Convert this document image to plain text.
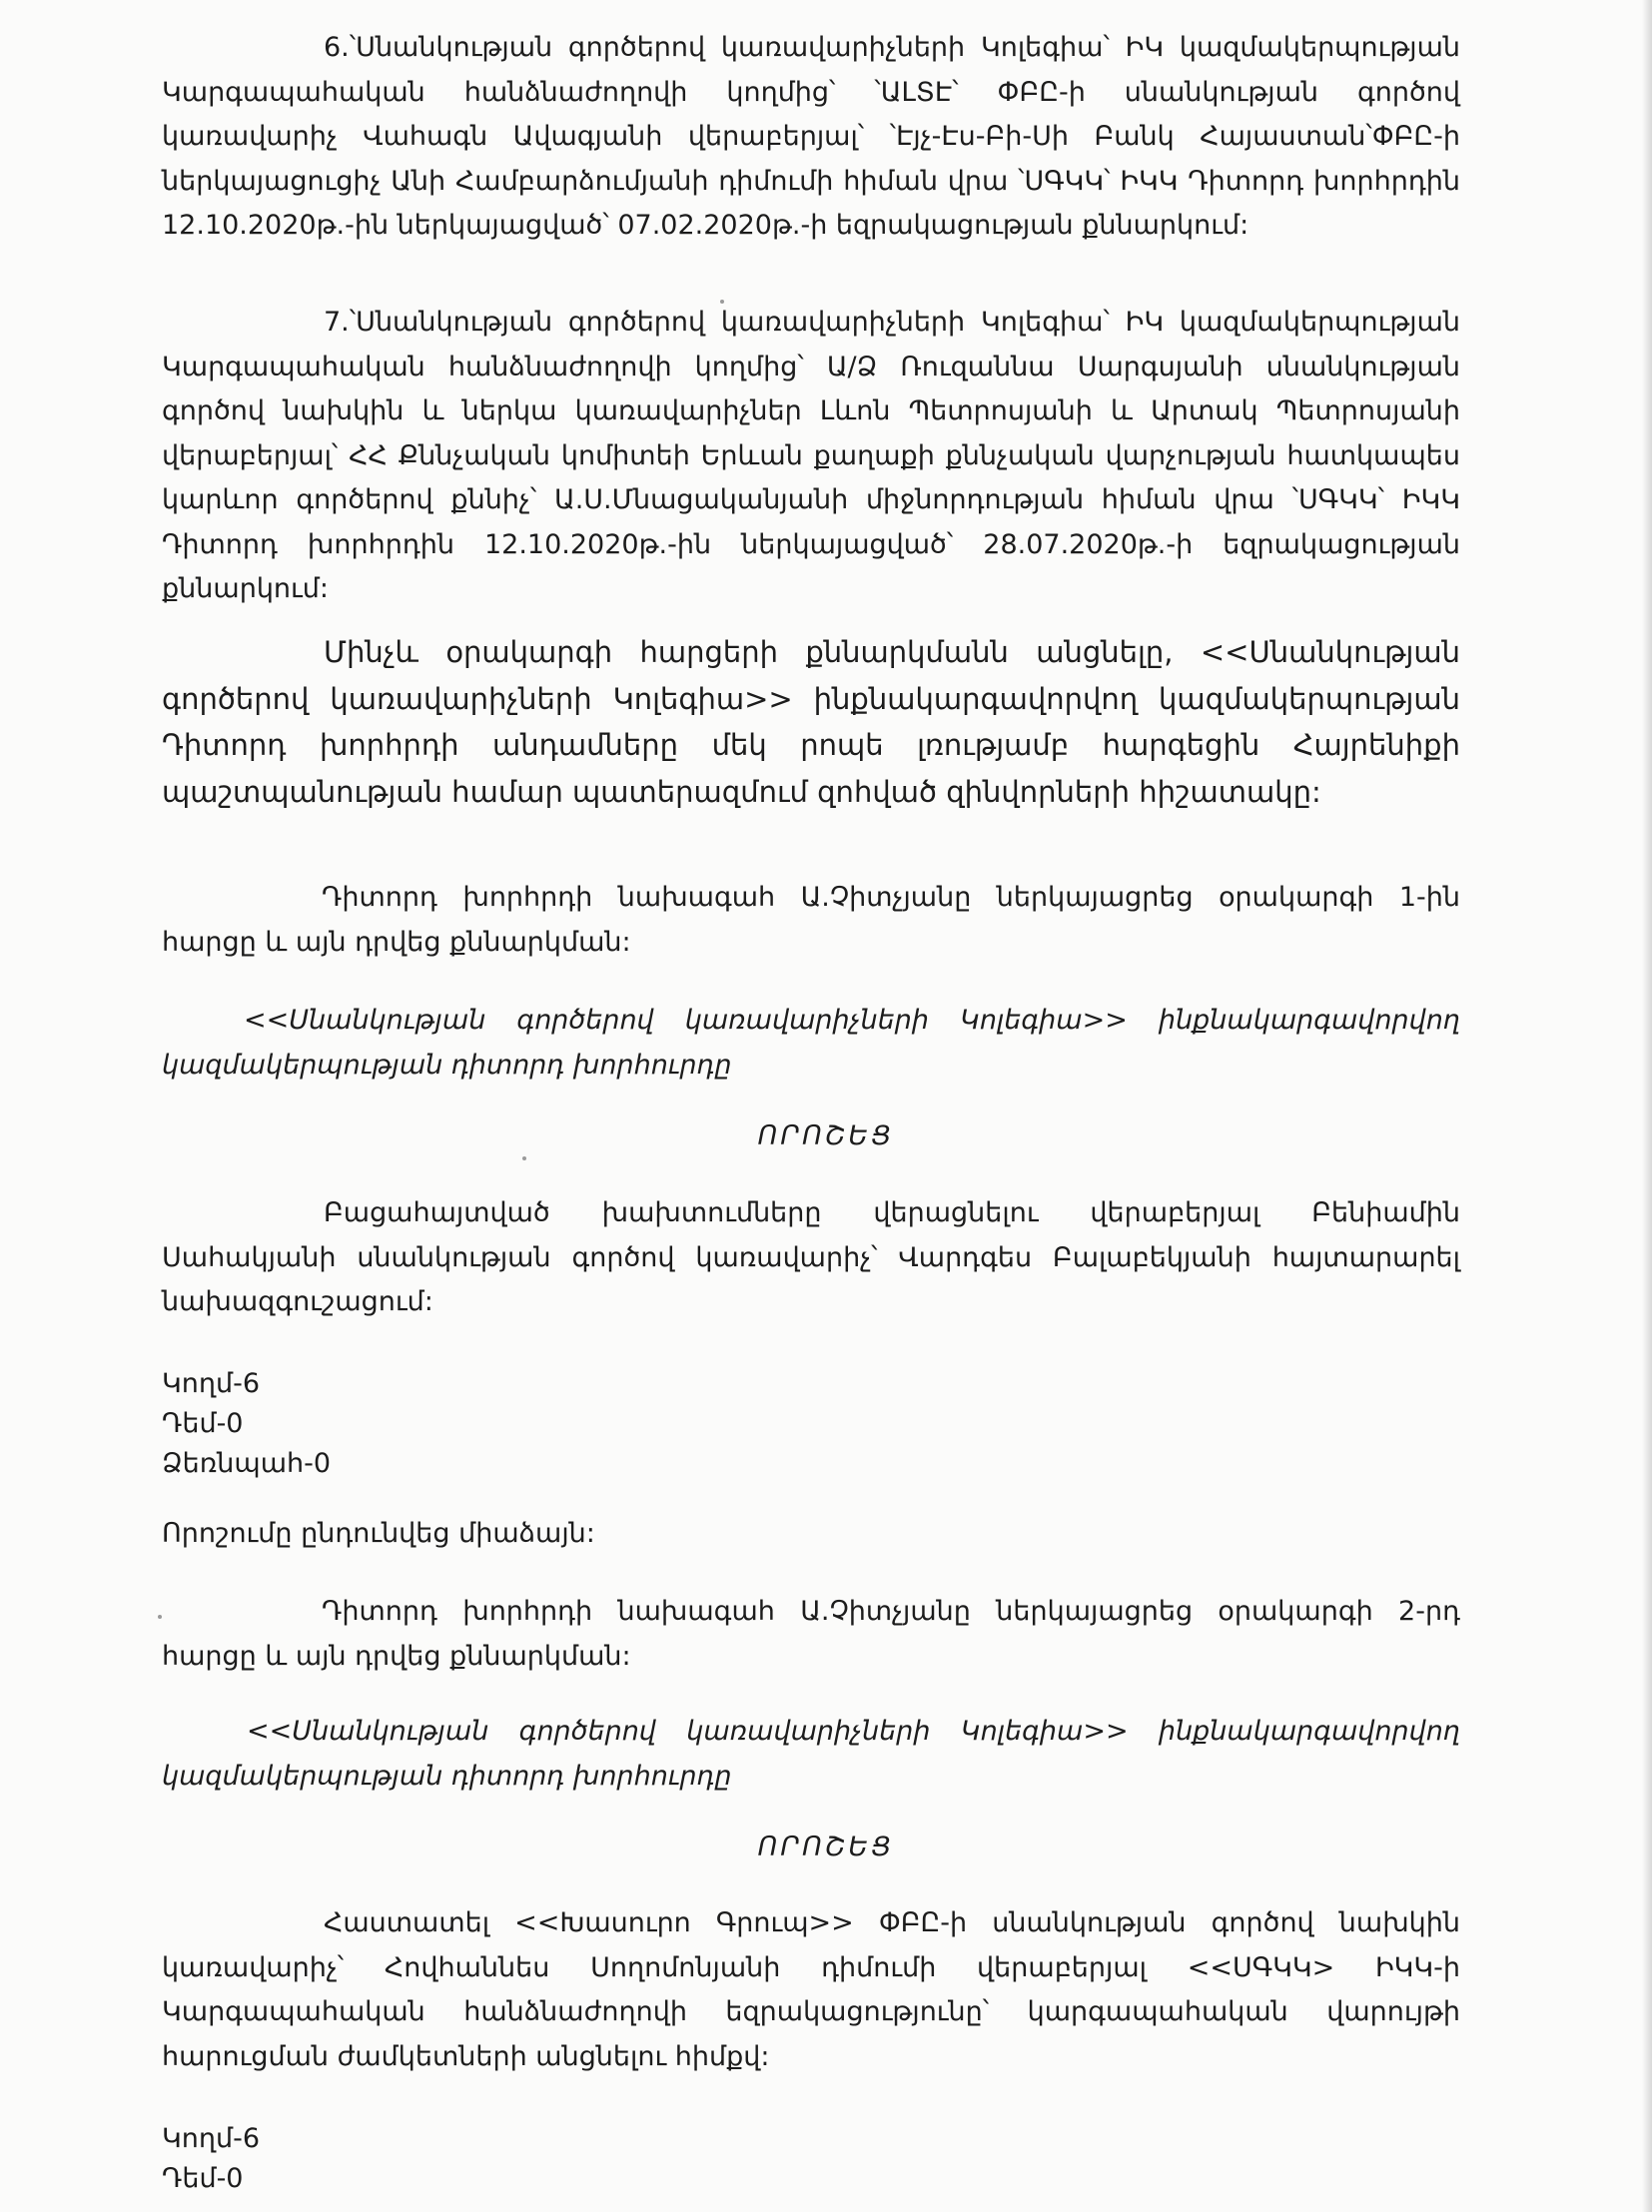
6.՝Սնանկության գործերով կառավարիչների Կոլեգիա՝ ԻԿ կազմակերպության Կարգապահական հանձնաժողովի կողմից՝ ՝ԱԼՏԷ՝ ՓԲԸ-ի սնանկության գործով կառավարիչ Վահագն Ավագյանի վերաբերյալ՝ ՝Էյչ-Էս-Բի-Սի Բանկ Հայաստան՝ՓԲԸ-ի ներկայացուցիչ Անի Համբարձումյանի դիմումի հիման վրա ՝ՍԳԿԿ՝ ԻԿԿ Դիտորդ խորհրդին 12.10.2020թ.-ին ներկայացված՝ 07.02.2020թ.-ի եզրակացության քննարկում:

7.՝Սնանկության գործերով կառավարիչների Կոլեգիա՝ ԻԿ կազմակերպության Կարգապահական հանձնաժողովի կողմից՝ Ա/Ձ Ռուզաննա Սարգսյանի սնանկության գործով նախկին և ներկա կառավարիչներ Լևոն Պետրոսյանի և Արտակ Պետրոսյանի վերաբերյալ՝ ՀՀ Քննչական կոմիտեի Երևան քաղաքի քննչական վարչության հատկապես կարևոր գործերով քննիչ՝ Ա.Ս.Մնացականյանի միջնորդության հիման վրա ՝ՍԳԿԿ՝ ԻԿԿ Դիտորդ խորհրդին 12.10.2020թ.-ին ներկայացված՝ 28.07.2020թ.-ի եզրակացության քննարկում:

Մինչև օրակարգի հարցերի քննարկմանն անցնելը, <<Սնանկության գործերով կառավարիչների Կոլեգիա>> ինքնակարգավորվող կազմակերպության Դիտորդ խորհրդի անդամները մեկ րոպե լռությամբ հարգեցին Հայրենիքի պաշտպանության համար պատերազմում զոհված զինվորների հիշատակը:

Դիտորդ խորհրդի նախագահ Ա.Չիտչյանը ներկայացրեց օրակարգի 1-ին հարցը և այն դրվեց քննարկման:

<<Սնանկության գործերով կառավարիչների Կոլեգիա>> ինքնակարգավորվող կազմակերպության դիտորդ խորհուրդը

ՈՐՈՇԵՑ

Բացահայտված խախտումները վերացնելու վերաբերյալ Բենիամին Սահակյանի սնանկության գործով կառավարիչ՝ Վարդգես Բալաբեկյանի հայտարարել նախազգուշացում:

Կողմ-6

Դեմ-0

Ձեռնպահ-0

Որոշումը ընդունվեց միաձայն:

Դիտորդ խորհրդի նախագահ Ա.Չիտչյանը ներկայացրեց օրակարգի 2-րդ հարցը և այն դրվեց քննարկման:

<<Սնանկության գործերով կառավարիչների Կոլեգիա>> ինքնակարգավորվող կազմակերպության դիտորդ խորհուրդը

ՈՐՈՇԵՑ

Հաստատել <<Խասուրո Գրուպ>> ՓԲԸ-ի սնանկության գործով նախկին կառավարիչ՝ Հովհաննես Սողոմոնյանի դիմումի վերաբերյալ <<ՍԳԿԿ> ԻԿԿ-ի Կարգապահական հանձնաժողովի եզրակացությունը՝ կարգապահական վարույթի հարուցման ժամկետների անցնելու հիմքվ:

Կողմ-6

Դեմ-0
